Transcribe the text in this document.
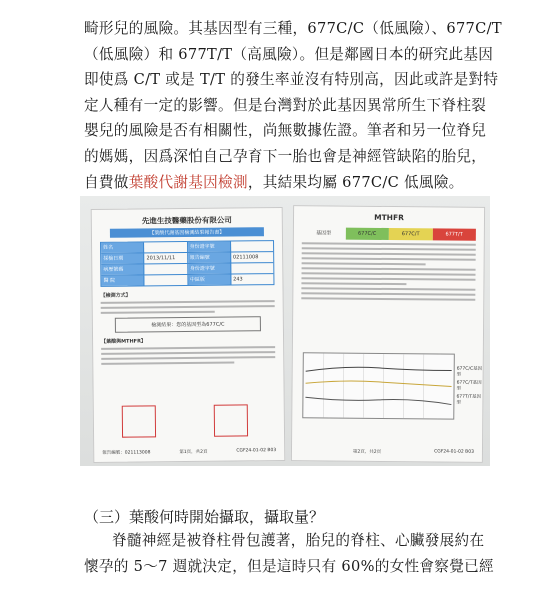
畸形兒的風險。其基因型有三種，677C/C（低風險）、677C/T

（低風險）和 677T/T（高風險）。但是鄰國日本的研究此基因

即使爲 C/T 或是 T/T 的發生率並沒有特別高，因此或許是對特

定人種有一定的影響。但是台灣對於此基因異常所生下脊柱裂

嬰兒的風險是否有相關性，尚無數據佐證。筆者和另一位脊兒

的媽媽，因爲深怕自己孕育下一胎也會是神經管缺陷的胎兒，

自費做葉酸代謝基因檢測，其結果均屬 677C/C 低風險。

先進生技醫藥股份有限公司
【葉酸代謝基因檢測結果報告書】
姓名	身份證字號
採檢日期	2013/11/11	報告編號	02111008
病歷號碼	身份證字號
醫 院	中區版	243
【檢測方式】
檢測結果：您的基因型為677C/C
【葉酸與MTHFR】
報告編號：021113008	第1頁，共2頁	CGF24-01-02 B03
MTHFR
基因型	677C/C	677C/T	677T/T
677C/C基因型
677C/T基因型
677T/T基因型
第2頁，共2頁	CGF24-01-02 B03
（三）葉酸何時開始攝取，攝取量？

脊髓神經是被脊柱骨包護著，胎兒的脊柱、心臟發展約在

懷孕的 5～7 週就決定，但是這時只有 60%的女性會察覺已經
